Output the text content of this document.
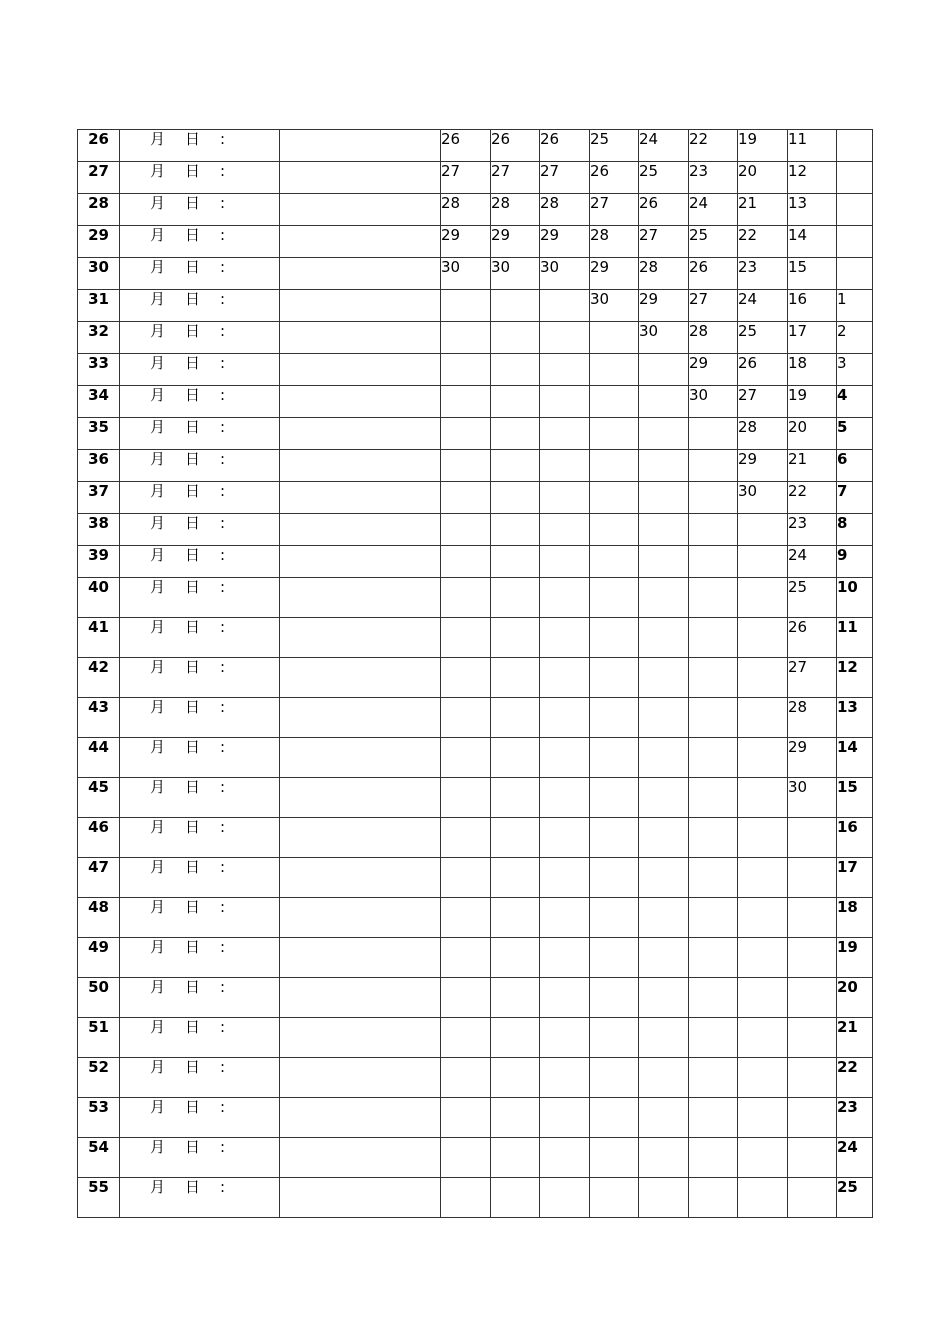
26	月 日 :		26	26	26	25	24	22	19	11	
27	月 日 :		27	27	27	26	25	23	20	12	
28	月 日 :		28	28	28	27	26	24	21	13	
29	月 日 :		29	29	29	28	27	25	22	14	
30	月 日 :		30	30	30	29	28	26	23	15	
31	月 日 :					30	29	27	24	16	1
32	月 日 :						30	28	25	17	2
33	月 日 :							29	26	18	3
34	月 日 :							30	27	19	4
35	月 日 :								28	20	5
36	月 日 :								29	21	6
37	月 日 :								30	22	7
38	月 日 :									23	8
39	月 日 :									24	9
40	月 日 :									25	10
41	月 日 :									26	11
42	月 日 :									27	12
43	月 日 :									28	13
44	月 日 :									29	14
45	月 日 :									30	15
46	月 日 :										16
47	月 日 :										17
48	月 日 :										18
49	月 日 :										19
50	月 日 :										20
51	月 日 :										21
52	月 日 :										22
53	月 日 :										23
54	月 日 :										24
55	月 日 :										25
